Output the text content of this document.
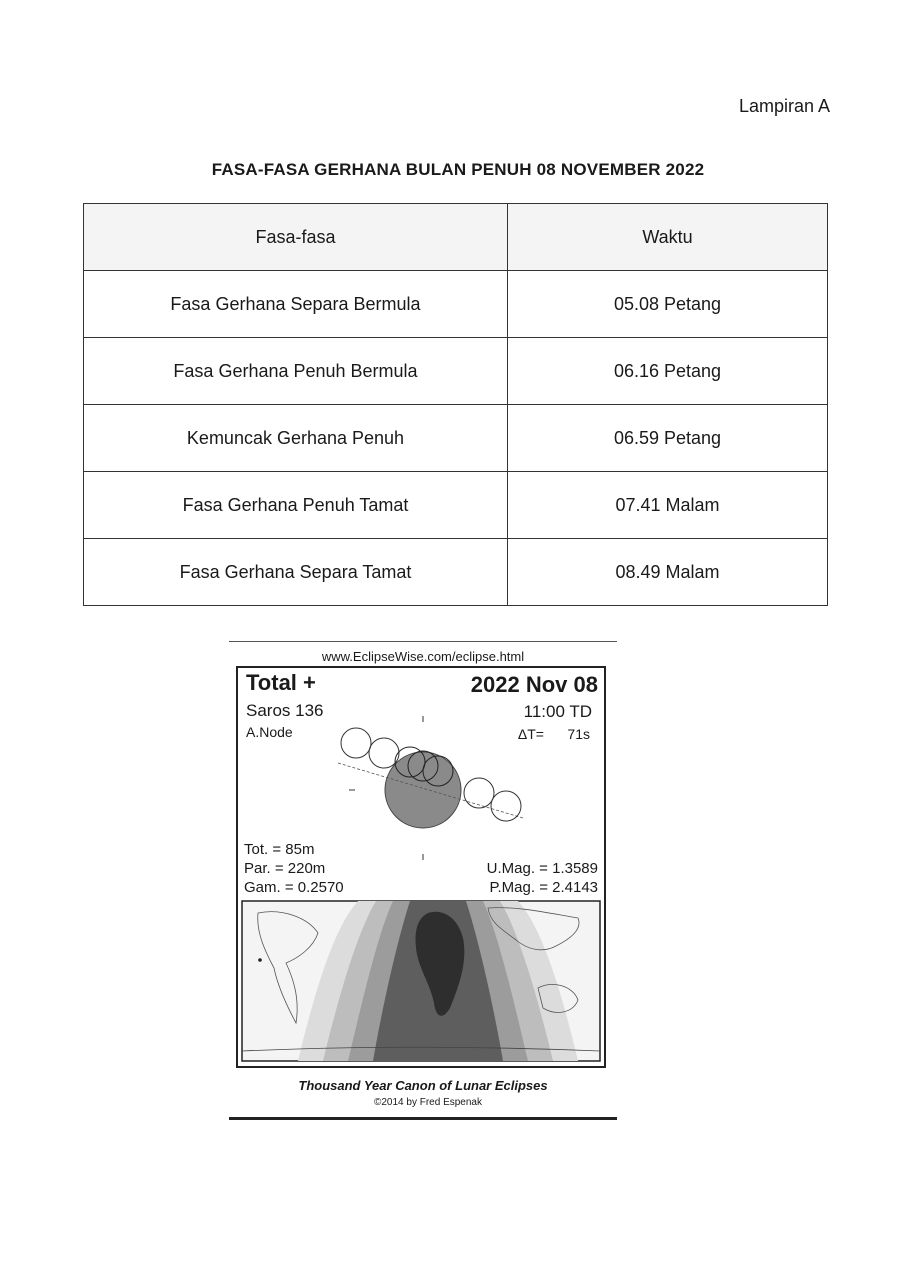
Lampiran A
FASA-FASA GERHANA BULAN PENUH 08 NOVEMBER 2022
Fasa-fasa	Waktu
Fasa Gerhana Separa Bermula	05.08 Petang
Fasa Gerhana Penuh Bermula	06.16 Petang
Kemuncak Gerhana Penuh	06.59 Petang
Fasa Gerhana Penuh Tamat	07.41 Malam
Fasa Gerhana Separa Tamat	08.49 Malam
www.EclipseWise.com/eclipse.html
Total +	2022 Nov 08
Saros 136	11:00 TD
A.Node	ΔT= 71s
Tot. = 85m
Par. = 220m
Gam. = 0.2570
U.Mag. = 1.3589
P.Mag. = 2.4143
Thousand Year Canon of Lunar Eclipses
©2014 by Fred Espenak
